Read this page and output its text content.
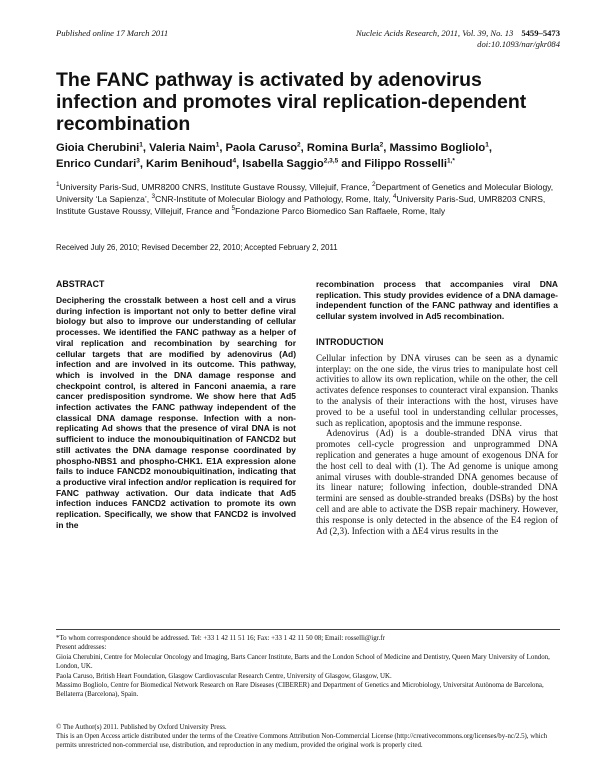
Published online 17 March 2011	Nucleic Acids Research, 2011, Vol. 39, No. 13 5459–5473
doi:10.1093/nar/gkr084
The FANC pathway is activated by adenovirus infection and promotes viral replication-dependent recombination
Gioia Cherubini$^1$, Valeria Naim$^1$, Paola Caruso$^2$, Romina Burla$^2$, Massimo Bogliolo$^1$,
Enrico Cundari$^3$, Karim Benihoud$^4$, Isabella Saggio$^{2,3,5}$ and Filippo Rosselli$^{1,*}$
$^1$University Paris-Sud, UMR8200 CNRS, Institute Gustave Roussy, Villejuif, France, $^2$Department of Genetics and Molecular Biology, University ‘La Sapienza’, $^3$CNR-Institute of Molecular Biology and Pathology, Rome, Italy, $^4$University Paris-Sud, UMR8203 CNRS, Institute Gustave Roussy, Villejuif, France and $^5$Fondazione Parco Biomedico San Raffaele, Rome, Italy
Received July 26, 2010; Revised December 22, 2010; Accepted February 2, 2011
ABSTRACT

Deciphering the crosstalk between a host cell and a virus during infection is important not only to better define viral biology but also to improve our understanding of cellular processes. We identified the FANC pathway as a helper of viral replication and recombination by searching for cellular targets that are modified by adenovirus (Ad) infection and are involved in its outcome. This pathway, which is involved in the DNA damage response and checkpoint control, is altered in Fanconi anaemia, a rare cancer predisposition syndrome. We show here that Ad5 infection activates the FANC pathway independent of the classical DNA damage response. Infection with a non-replicating Ad shows that the presence of viral DNA is not sufficient to induce the monoubiquitination of FANCD2 but still activates the DNA damage response coordinated by phospho-NBS1 and phospho-CHK1. E1A expression alone fails to induce FANCD2 monoubiquitination, indicating that a productive viral infection and/or replication is required for FANC pathway activation. Our data indicate that Ad5 infection induces FANCD2 activation to promote its own replication. Specifically, we show that FANCD2 is involved in the

recombination process that accompanies viral DNA replication. This study provides evidence of a DNA damage-independent function of the FANC pathway and identifies a cellular system involved in Ad5 recombination.

INTRODUCTION

Cellular infection by DNA viruses can be seen as a dynamic interplay: on the one side, the virus tries to manipulate host cell activities to allow its own replication, while on the other, the cell activates defence responses to counteract viral expansion. Thanks to the analysis of their interactions with the host, viruses have proved to be a useful tool in understanding cellular processes, such as replication, apoptosis and the immune response.

Adenovirus (Ad) is a double-stranded DNA virus that promotes cell-cycle progression and unprogrammed DNA replication and generates a huge amount of exogenous DNA for the host cell to deal with (1). The Ad genome is unique among animal viruses with double-stranded DNA genomes because of its linear nature; following infection, double-stranded DNA termini are sensed as double-stranded breaks (DSBs) by the host cell and are able to activate the DSB repair machinery. However, this response is only detected in the absence of the E4 region of Ad (2,3). Infection with a ΔE4 virus results in the

*To whom correspondence should be addressed. Tel: +33 1 42 11 51 16; Fax: +33 1 42 11 50 08; Email: rosselli@igr.fr
Present addresses:
Gioia Cherubini, Centre for Molecular Oncology and Imaging, Barts Cancer Institute, Barts and the London School of Medicine and Dentistry, Queen Mary University of London, London, UK.
Paola Caruso, British Heart Foundation, Glasgow Cardiovascular Research Centre, University of Glasgow, Glasgow, UK.
Massimo Bogliolo, Centre for Biomedical Network Research on Rare Diseases (CIBERER) and Department of Genetics and Microbiology, Universitat Autònoma de Barcelona, Bellaterra (Barcelona), Spain.

© The Author(s) 2011. Published by Oxford University Press.

This is an Open Access article distributed under the terms of the Creative Commons Attribution Non-Commercial License (http://creativecommons.org/licenses/by-nc/2.5), which permits unrestricted non-commercial use, distribution, and reproduction in any medium, provided the original work is properly cited.
